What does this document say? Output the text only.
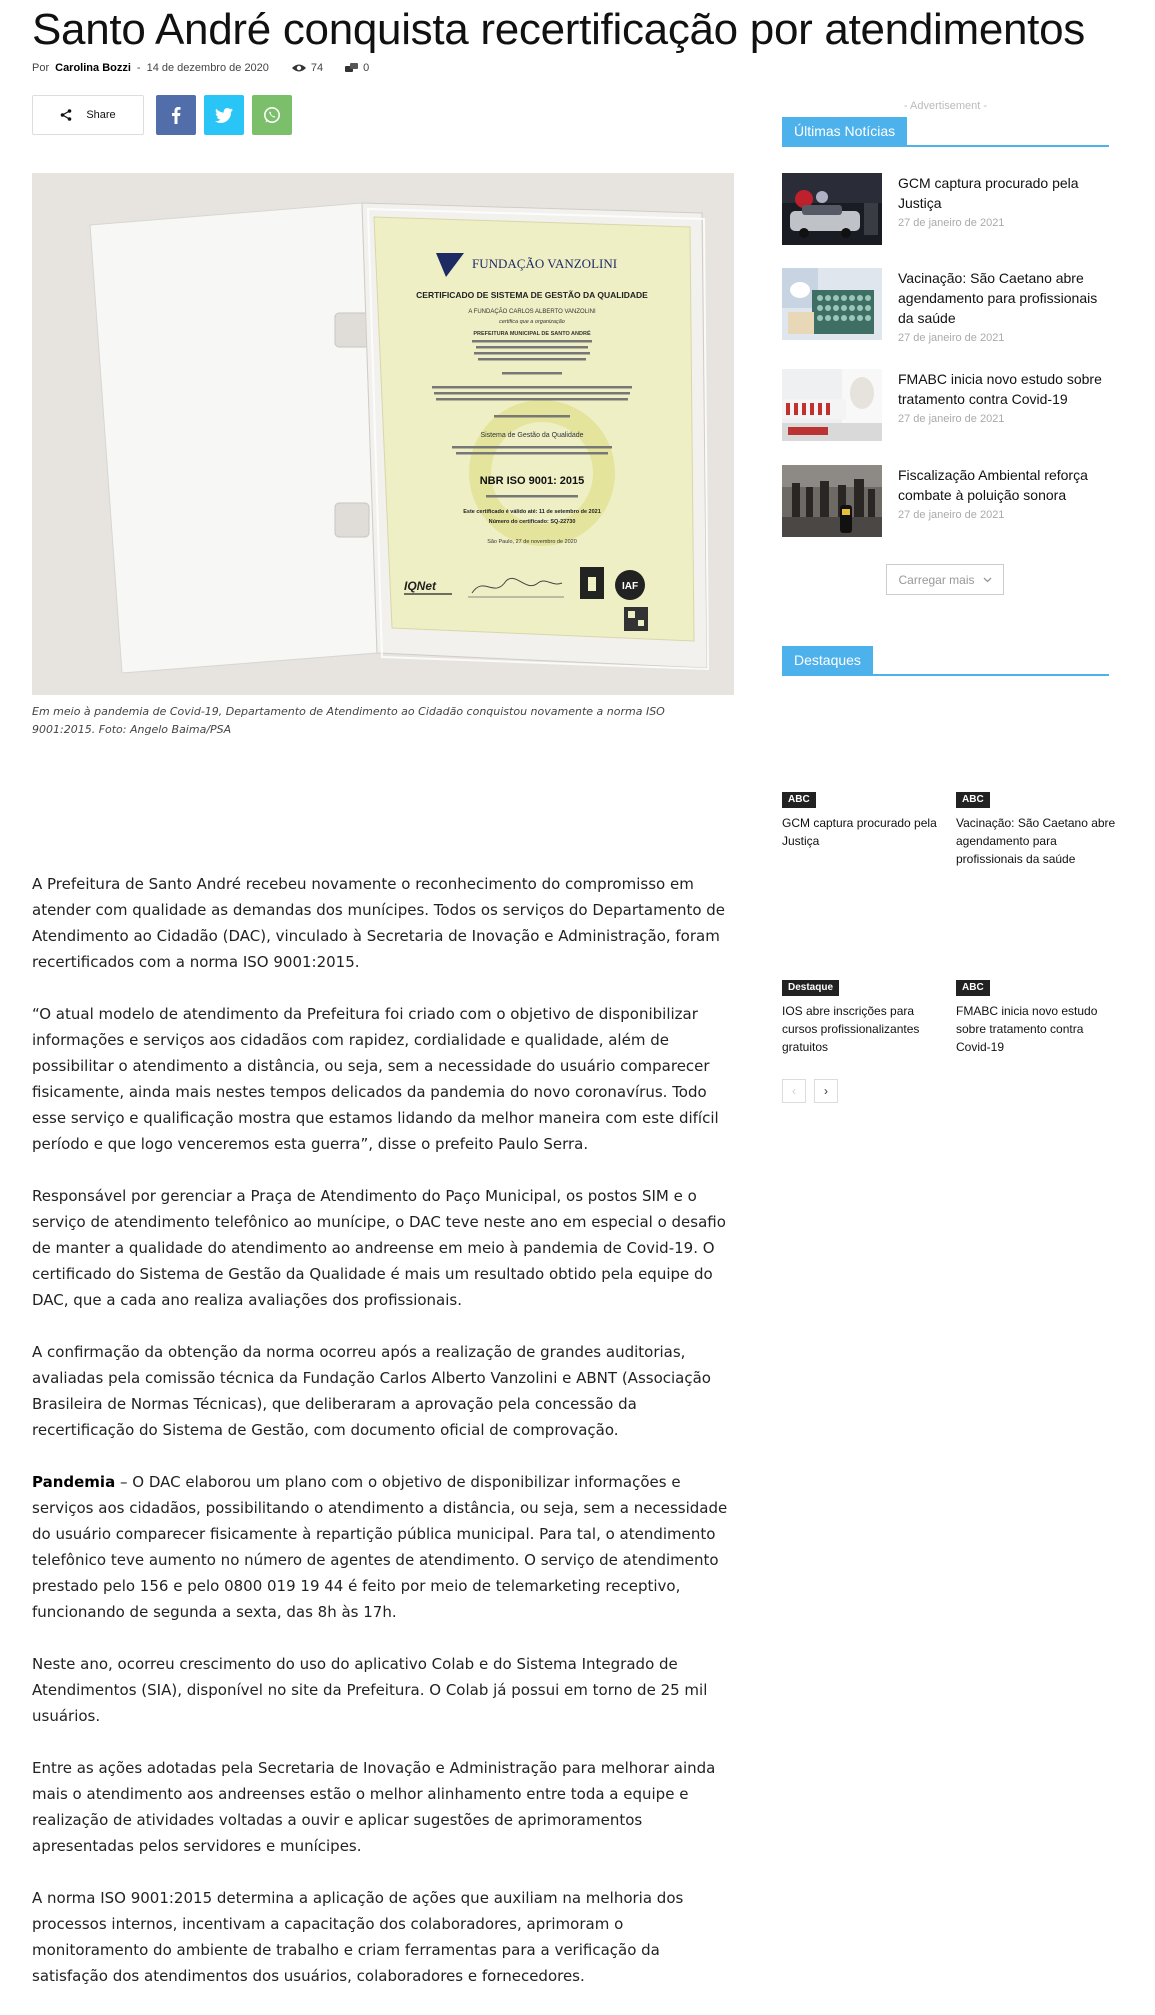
Santo André conquista recertificação por atendimentos
Por Carolina Bozzi - 14 de dezembro de 2020	74	0
Share
FUNDAÇÃO VANZOLINI
CERTIFICADO DE SISTEMA DE GESTÃO DA QUALIDADE
A FUNDAÇÃO CARLOS ALBERTO VANZOLINI
certifica que a organização
PREFEITURA MUNICIPAL DE SANTO ANDRÉ
Sistema de Gestão da Qualidade
NBR ISO 9001: 2015
Este certificado é válido até: 11 de setembro de 2021
Número do certificado: SQ-22730
São Paulo, 27 de novembro de 2020
IQNet	IAF
Em meio à pandemia de Covid-19, Departamento de Atendimento ao Cidadão conquistou novamente a norma ISO 9001:2015. Foto: Angelo Baima/PSA

A Prefeitura de Santo André recebeu novamente o reconhecimento do compromisso em atender com qualidade as demandas dos munícipes. Todos os serviços do Departamento de Atendimento ao Cidadão (DAC), vinculado à Secretaria de Inovação e Administração, foram recertificados com a norma ISO 9001:2015.

“O atual modelo de atendimento da Prefeitura foi criado com o objetivo de disponibilizar informações e serviços aos cidadãos com rapidez, cordialidade e qualidade, além de possibilitar o atendimento a distância, ou seja, sem a necessidade do usuário comparecer fisicamente, ainda mais nestes tempos delicados da pandemia do novo coronavírus. Todo esse serviço e qualificação mostra que estamos lidando da melhor maneira com este difícil período e que logo venceremos esta guerra”, disse o prefeito Paulo Serra.

Responsável por gerenciar a Praça de Atendimento do Paço Municipal, os postos SIM e o serviço de atendimento telefônico ao munícipe, o DAC teve neste ano em especial o desafio de manter a qualidade do atendimento ao andreense em meio à pandemia de Covid-19. O certificado do Sistema de Gestão da Qualidade é mais um resultado obtido pela equipe do DAC, que a cada ano realiza avaliações dos profissionais.

A confirmação da obtenção da norma ocorreu após a realização de grandes auditorias, avaliadas pela comissão técnica da Fundação Carlos Alberto Vanzolini e ABNT (Associação Brasileira de Normas Técnicas), que deliberaram a aprovação pela concessão da recertificação do Sistema de Gestão, com documento oficial de comprovação.

Pandemia – O DAC elaborou um plano com o objetivo de disponibilizar informações e serviços aos cidadãos, possibilitando o atendimento a distância, ou seja, sem a necessidade do usuário comparecer fisicamente à repartição pública municipal. Para tal, o atendimento telefônico teve aumento no número de agentes de atendimento. O serviço de atendimento prestado pelo 156 e pelo 0800 019 19 44 é feito por meio de telemarketing receptivo, funcionando de segunda a sexta, das 8h às 17h.

Neste ano, ocorreu crescimento do uso do aplicativo Colab e do Sistema Integrado de Atendimentos (SIA), disponível no site da Prefeitura. O Colab já possui em torno de 25 mil usuários.

Entre as ações adotadas pela Secretaria de Inovação e Administração para melhorar ainda mais o atendimento aos andreenses estão o melhor alinhamento entre toda a equipe e realização de atividades voltadas a ouvir e aplicar sugestões de aprimoramentos apresentadas pelos servidores e munícipes.

A norma ISO 9001:2015 determina a aplicação de ações que auxiliam na melhoria dos processos internos, incentivam a capacitação dos colaboradores, aprimoram o monitoramento do ambiente de trabalho e criam ferramentas para a verificação da satisfação dos atendimentos dos usuários, colaboradores e fornecedores.

- Advertisement -
Últimas Notícias
GCM captura procurado pela Justiça
27 de janeiro de 2021
Vacinação: São Caetano abre agendamento para profissionais da saúde
27 de janeiro de 2021
FMABC inicia novo estudo sobre tratamento contra Covid-19
27 de janeiro de 2021
Fiscalização Ambiental reforça combate à poluição sonora
27 de janeiro de 2021
Carregar mais
Destaques
ABC
GCM captura procurado pela Justiça
ABC
Vacinação: São Caetano abre agendamento para profissionais da saúde
Destaque
IOS abre inscrições para cursos profissionalizantes gratuitos
ABC
FMABC inicia novo estudo sobre tratamento contra Covid-19
‹	›
